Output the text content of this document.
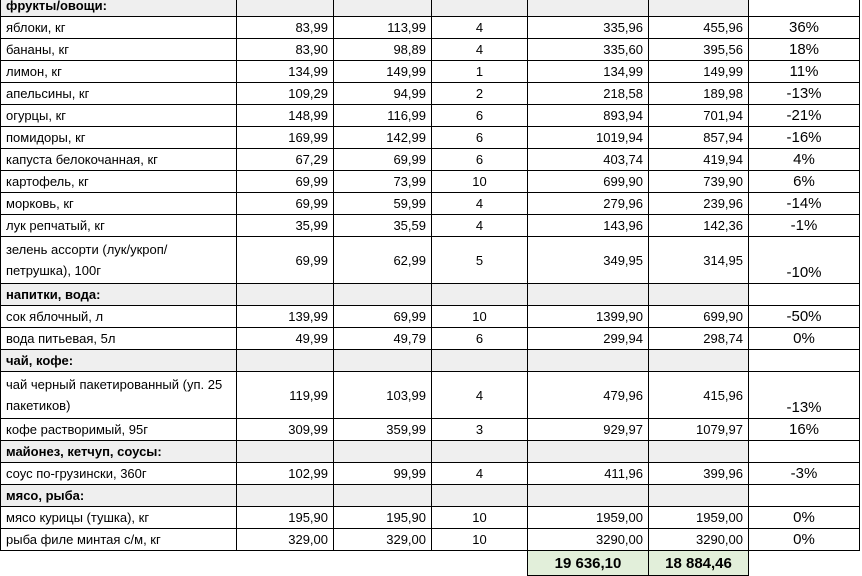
фрукты/овощи:						
яблоки, кг	83,99	113,99	4	335,96	455,96	36%
бананы, кг	83,90	98,89	4	335,60	395,56	18%
лимон, кг	134,99	149,99	1	134,99	149,99	11%
апельсины, кг	109,29	94,99	2	218,58	189,98	-13%
огурцы, кг	148,99	116,99	6	893,94	701,94	-21%
помидоры, кг	169,99	142,99	6	1019,94	857,94	-16%
капуста белокочанная, кг	67,29	69,99	6	403,74	419,94	4%
картофель, кг	69,99	73,99	10	699,90	739,90	6%
морковь, кг	69,99	59,99	4	279,96	239,96	-14%
лук репчатый, кг	35,99	35,59	4	143,96	142,36	-1%
зелень ассорти (лук/укроп/петрушка), 100г	69,99	62,99	5	349,95	314,95	-10%
напитки, вода:						
сок яблочный, л	139,99	69,99	10	1399,90	699,90	-50%
вода питьевая, 5л	49,99	49,79	6	299,94	298,74	0%
чай, кофе:						
чай черный пакетированный (уп. 25 пакетиков)	119,99	103,99	4	479,96	415,96	-13%
кофе растворимый, 95г	309,99	359,99	3	929,97	1079,97	16%
майонез, кетчуп, соусы:						
соус по-грузински, 360г	102,99	99,99	4	411,96	399,96	-3%
мясо, рыба:						
мясо курицы (тушка), кг	195,90	195,90	10	1959,00	1959,00	0%
рыба филе минтая с/м, кг	329,00	329,00	10	3290,00	3290,00	0%
				19 636,10	18 884,46	
